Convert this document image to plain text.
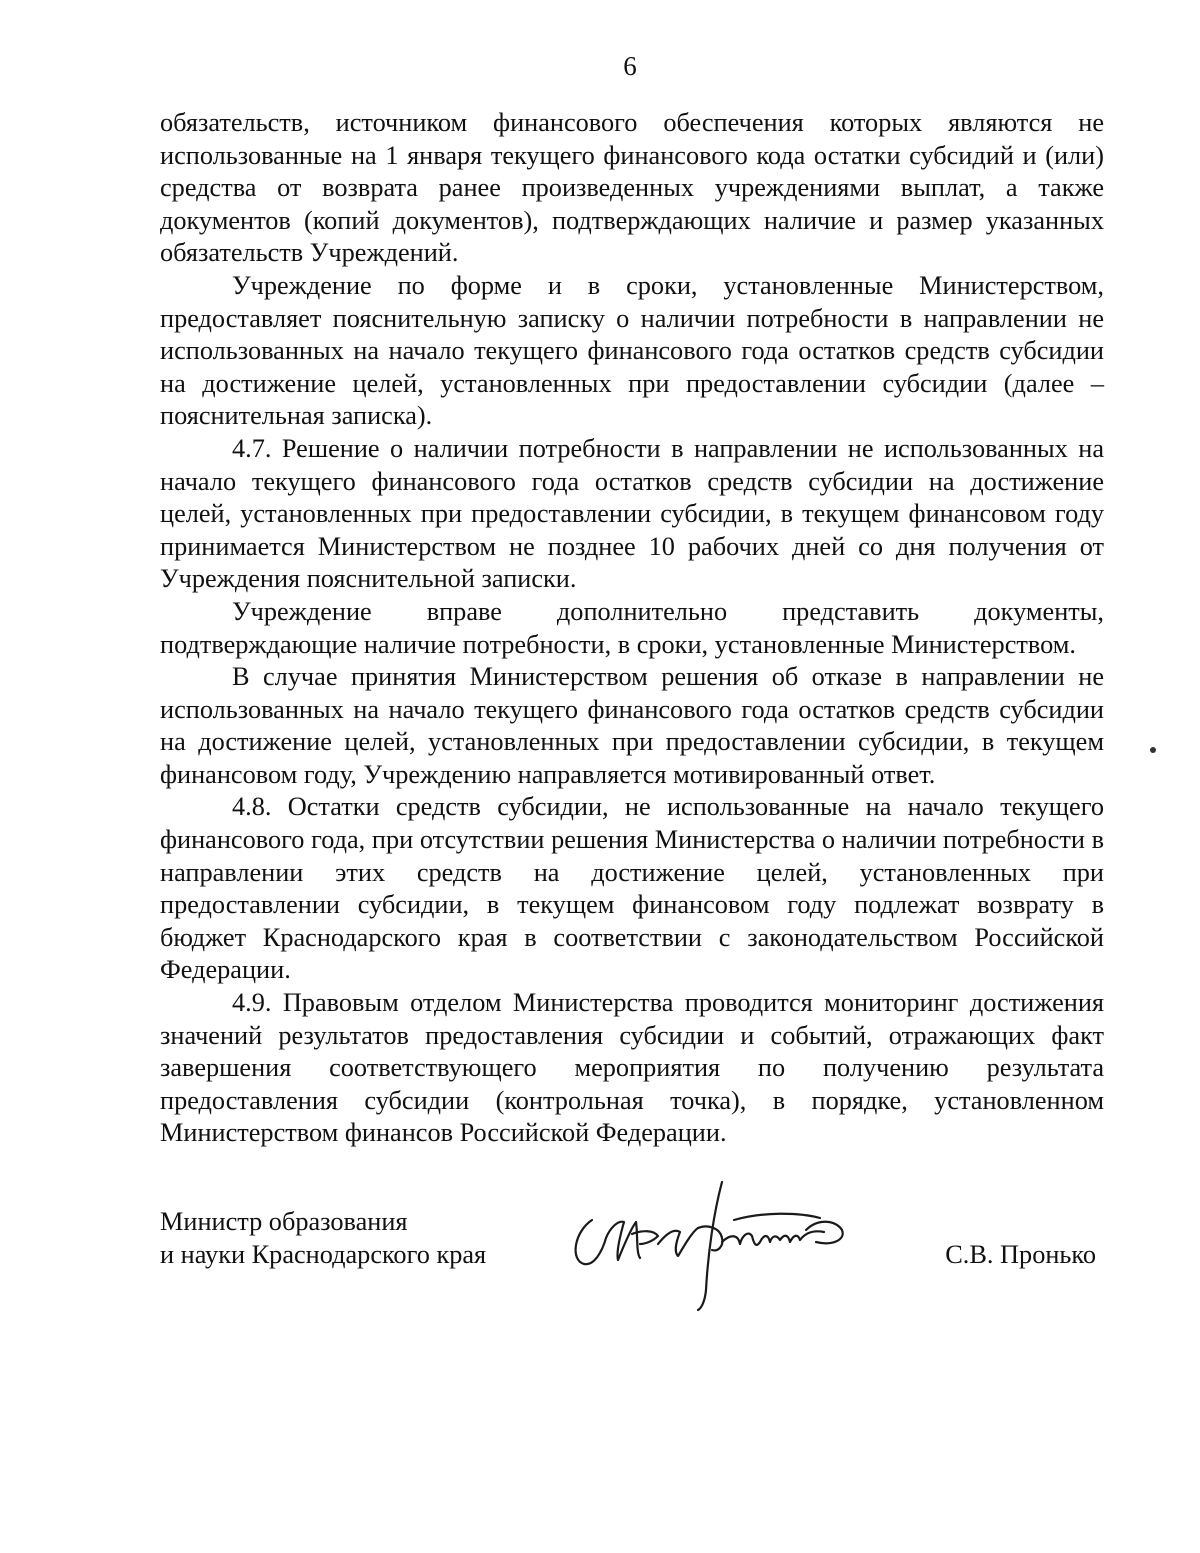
6

обязательств, источником финансового обеспечения которых являются не использованные на 1 января текущего финансового кода остатки субсидий и (или) средства от возврата ранее произведенных учреждениями выплат, а также документов (копий документов), подтверждающих наличие и размер указанных обязательств Учреждений.

Учреждение по форме и в сроки, установленные Министерством, предоставляет пояснительную записку о наличии потребности в направлении не использованных на начало текущего финансового года остатков средств субсидии на достижение целей, установленных при предоставлении субсидии (далее – пояснительная записка).

4.7. Решение о наличии потребности в направлении не использованных на начало текущего финансового года остатков средств субсидии на достижение целей, установленных при предоставлении субсидии, в текущем финансовом году принимается Министерством не позднее 10 рабочих дней со дня получения от Учреждения пояснительной записки.

Учреждение вправе дополнительно представить документы, подтверждающие наличие потребности, в сроки, установленные Министерством.

В случае принятия Министерством решения об отказе в направлении не использованных на начало текущего финансового года остатков средств субсидии на достижение целей, установленных при предоставлении субсидии, в текущем финансовом году, Учреждению направляется мотивированный ответ.

4.8. Остатки средств субсидии, не использованные на начало текущего финансового года, при отсутствии решения Министерства о наличии потребности в направлении этих средств на достижение целей, установленных при предоставлении субсидии, в текущем финансовом году подлежат возврату в бюджет Краснодарского края в соответствии с законодательством Российской Федерации.

4.9. Правовым отделом Министерства проводится мониторинг достижения значений результатов предоставления субсидии и событий, отражающих факт завершения соответствующего мероприятия по получению результата предоставления субсидии (контрольная точка), в порядке, установленном Министерством финансов Российской Федерации.

Министр образования
и науки Краснодарского края	С.В. Пронько
